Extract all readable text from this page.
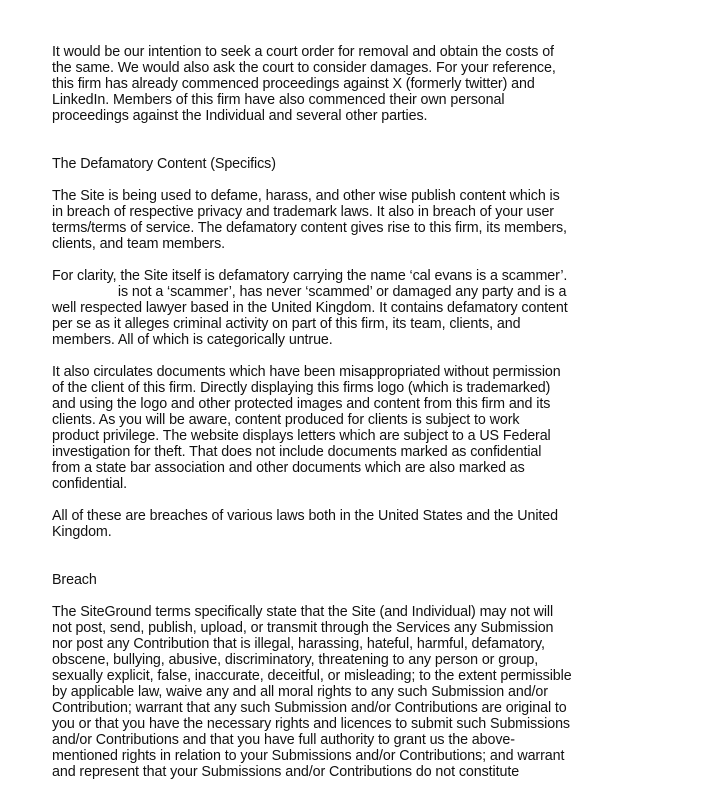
It would be our intention to seek a court order for removal and obtain the costs of
the same. We would also ask the court to consider damages. For your reference,
this firm has already commenced proceedings against X (formerly twitter) and
LinkedIn. Members of this firm have also commenced their own personal
proceedings against the Individual and several other parties.

The Defamatory Content (Specifics)

The Site is being used to defame, harass, and other wise publish content which is
in breach of respective privacy and trademark laws. It also in breach of your user
terms/terms of service. The defamatory content gives rise to this firm, its members,
clients, and team members.

For clarity, the Site itself is defamatory carrying the name ‘cal evans is a scammer’.
is not a ‘scammer’, has never ‘scammed’ or damaged any party and is a
well respected lawyer based in the United Kingdom. It contains defamatory content
per se as it alleges criminal activity on part of this firm, its team, clients, and
members. All of which is categorically untrue.

It also circulates documents which have been misappropriated without permission
of the client of this firm. Directly displaying this firms logo (which is trademarked)
and using the logo and other protected images and content from this firm and its
clients. As you will be aware, content produced for clients is subject to work
product privilege. The website displays letters which are subject to a US Federal
investigation for theft. That does not include documents marked as confidential
from a state bar association and other documents which are also marked as
confidential.

All of these are breaches of various laws both in the United States and the United
Kingdom.

Breach

The SiteGround terms specifically state that the Site (and Individual) may not will
not post, send, publish, upload, or transmit through the Services any Submission
nor post any Contribution that is illegal, harassing, hateful, harmful, defamatory,
obscene, bullying, abusive, discriminatory, threatening to any person or group,
sexually explicit, false, inaccurate, deceitful, or misleading; to the extent permissible
by applicable law, waive any and all moral rights to any such Submission and/or
Contribution; warrant that any such Submission and/or Contributions are original to
you or that you have the necessary rights and licences to submit such Submissions
and/or Contributions and that you have full authority to grant us the above-
mentioned rights in relation to your Submissions and/or Contributions; and warrant
and represent that your Submissions and/or Contributions do not constitute
